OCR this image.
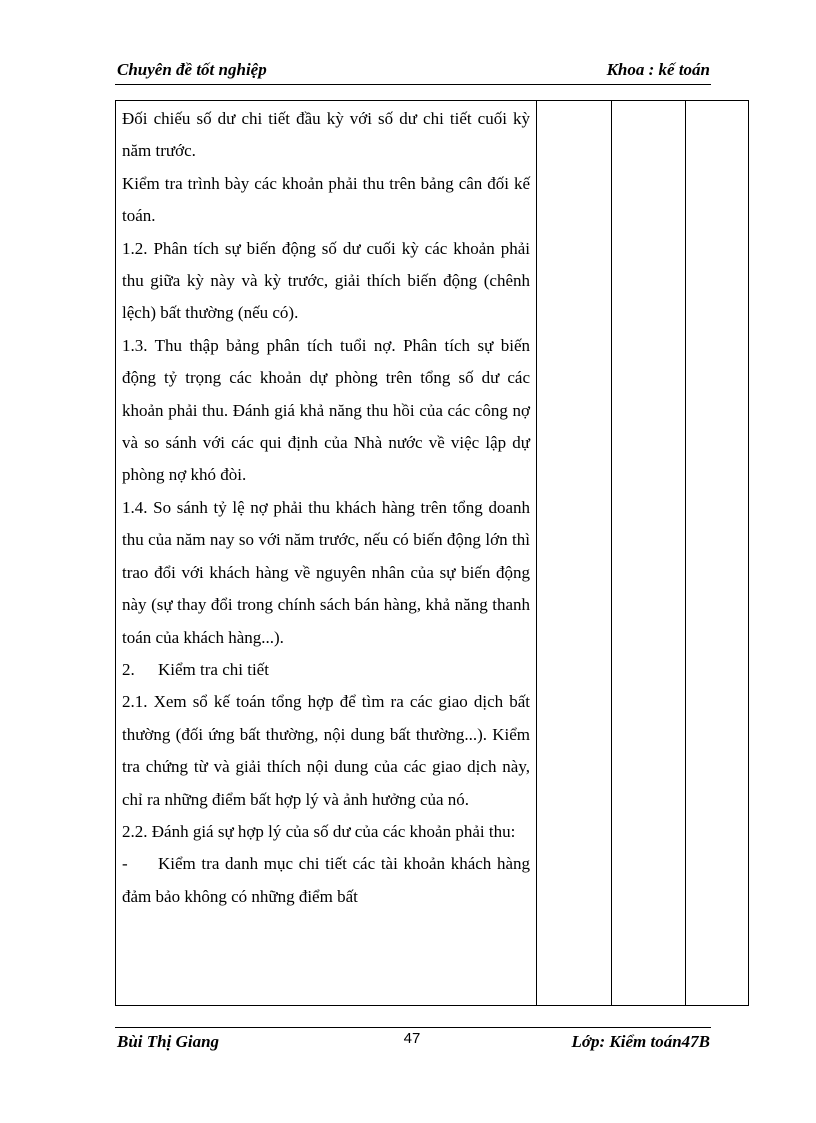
Chuyên đề tốt nghiệp	Khoa : kế toán

Đối chiếu số dư chi tiết đầu kỳ với số dư chi tiết cuối kỳ năm trước.

Kiểm tra trình bày các khoản phải thu trên bảng cân đối kế toán.

1.2. Phân tích sự biến động số dư cuối kỳ các khoản phải thu giữa kỳ này và kỳ trước, giải thích biến động (chênh lệch) bất thường (nếu có).

1.3. Thu thập bảng phân tích tuổi nợ. Phân tích sự biến động tỷ trọng các khoản dự phòng trên tổng số dư các khoản phải thu. Đánh giá khả năng thu hồi của các công nợ và so sánh với các qui định của Nhà nước về việc lập dự phòng nợ khó đòi.

1.4. So sánh tỷ lệ nợ phải thu khách hàng trên tổng doanh thu của năm nay so với năm trước, nếu có biến động lớn thì trao đổi với khách hàng về nguyên nhân của sự biến động này (sự thay đổi trong chính sách bán hàng, khả năng thanh toán của khách hàng...).

2. Kiểm tra chi tiết

2.1. Xem sổ kế toán tổng hợp để tìm ra các giao dịch bất thường (đối ứng bất thường, nội dung bất thường...). Kiểm tra chứng từ và giải thích nội dung của các giao dịch này, chỉ ra những điểm bất hợp lý và ảnh hưởng của nó.

2.2. Đánh giá sự hợp lý của số dư của các khoản phải thu:

- Kiểm tra danh mục chi tiết các tài khoản khách hàng đảm bảo không có những điểm bất

Bùi Thị Giang	47	Lớp: Kiểm toán47B
